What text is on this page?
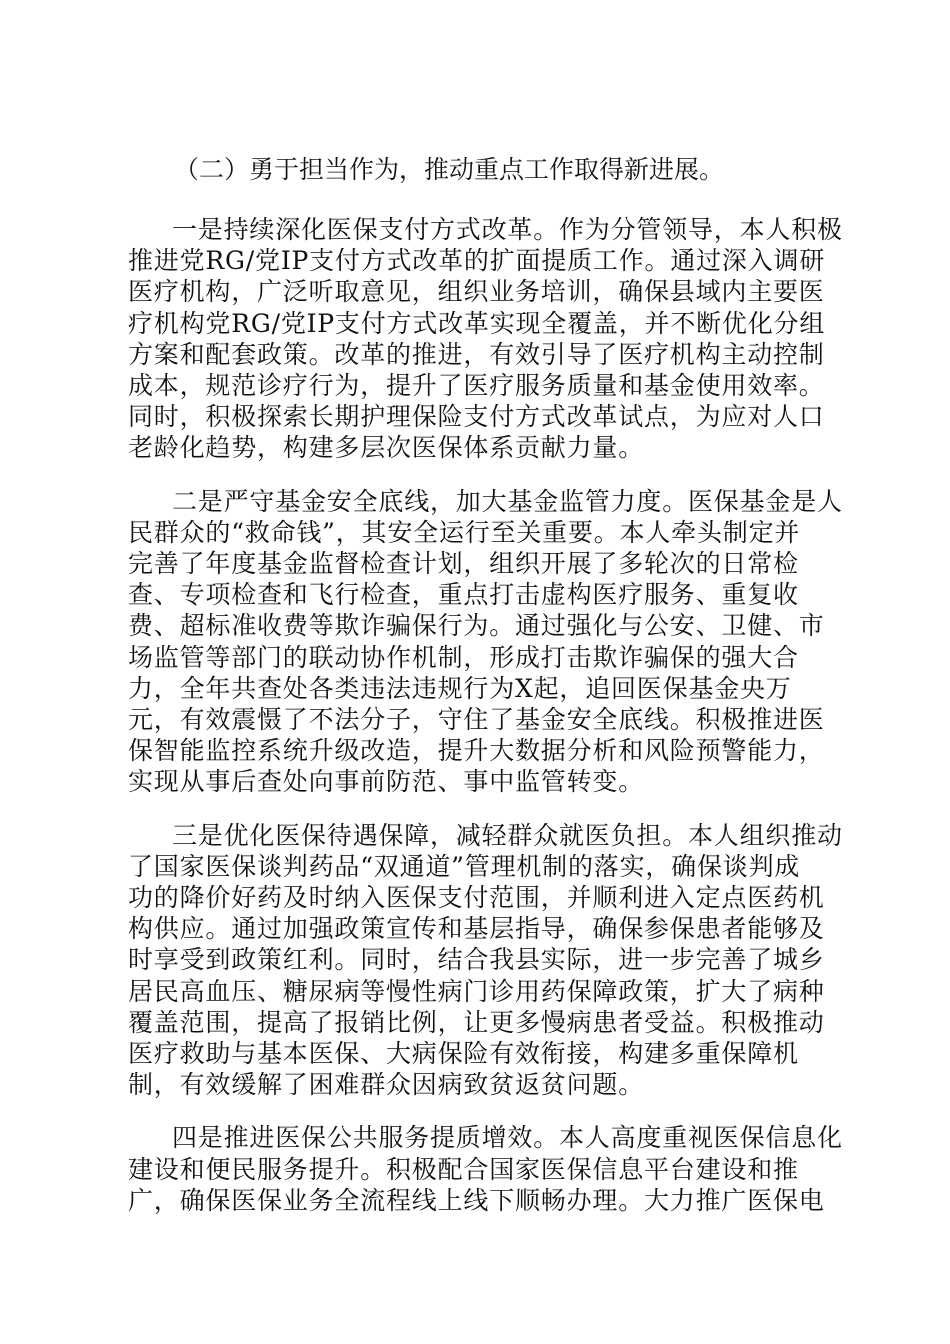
（二）勇于担当作为，推动重点工作取得新进展。
一是持续深化医保支付方式改革。作为分管领导，本人积极
推进党RG/党IP支付方式改革的扩面提质工作。通过深入调研
医疗机构，广泛听取意见，组织业务培训，确保县域内主要医
疗机构党RG/党IP支付方式改革实现全覆盖，并不断优化分组
方案和配套政策。改革的推进，有效引导了医疗机构主动控制
成本，规范诊疗行为，提升了医疗服务质量和基金使用效率。
同时，积极探索长期护理保险支付方式改革试点，为应对人口
老龄化趋势，构建多层次医保体系贡献力量。
二是严守基金安全底线，加大基金监管力度。医保基金是人
民群众的“救命钱”，其安全运行至关重要。本人牵头制定并
完善了年度基金监督检查计划，组织开展了多轮次的日常检
查、专项检查和飞行检查，重点打击虚构医疗服务、重复收
费、超标准收费等欺诈骗保行为。通过强化与公安、卫健、市
场监管等部门的联动协作机制，形成打击欺诈骗保的强大合
力，全年共查处各类违法违规行为X起，追回医保基金央万
元，有效震慑了不法分子，守住了基金安全底线。积极推进医
保智能监控系统升级改造，提升大数据分析和风险预警能力，
实现从事后查处向事前防范、事中监管转变。
三是优化医保待遇保障，减轻群众就医负担。本人组织推动
了国家医保谈判药品“双通道”管理机制的落实，确保谈判成
功的降价好药及时纳入医保支付范围，并顺利进入定点医药机
构供应。通过加强政策宣传和基层指导，确保参保患者能够及
时享受到政策红利。同时，结合我县实际，进一步完善了城乡
居民高血压、糖尿病等慢性病门诊用药保障政策，扩大了病种
覆盖范围，提高了报销比例，让更多慢病患者受益。积极推动
医疗救助与基本医保、大病保险有效衔接，构建多重保障机
制，有效缓解了困难群众因病致贫返贫问题。
四是推进医保公共服务提质增效。本人高度重视医保信息化
建设和便民服务提升。积极配合国家医保信息平台建设和推
广，确保医保业务全流程线上线下顺畅办理。大力推广医保电
